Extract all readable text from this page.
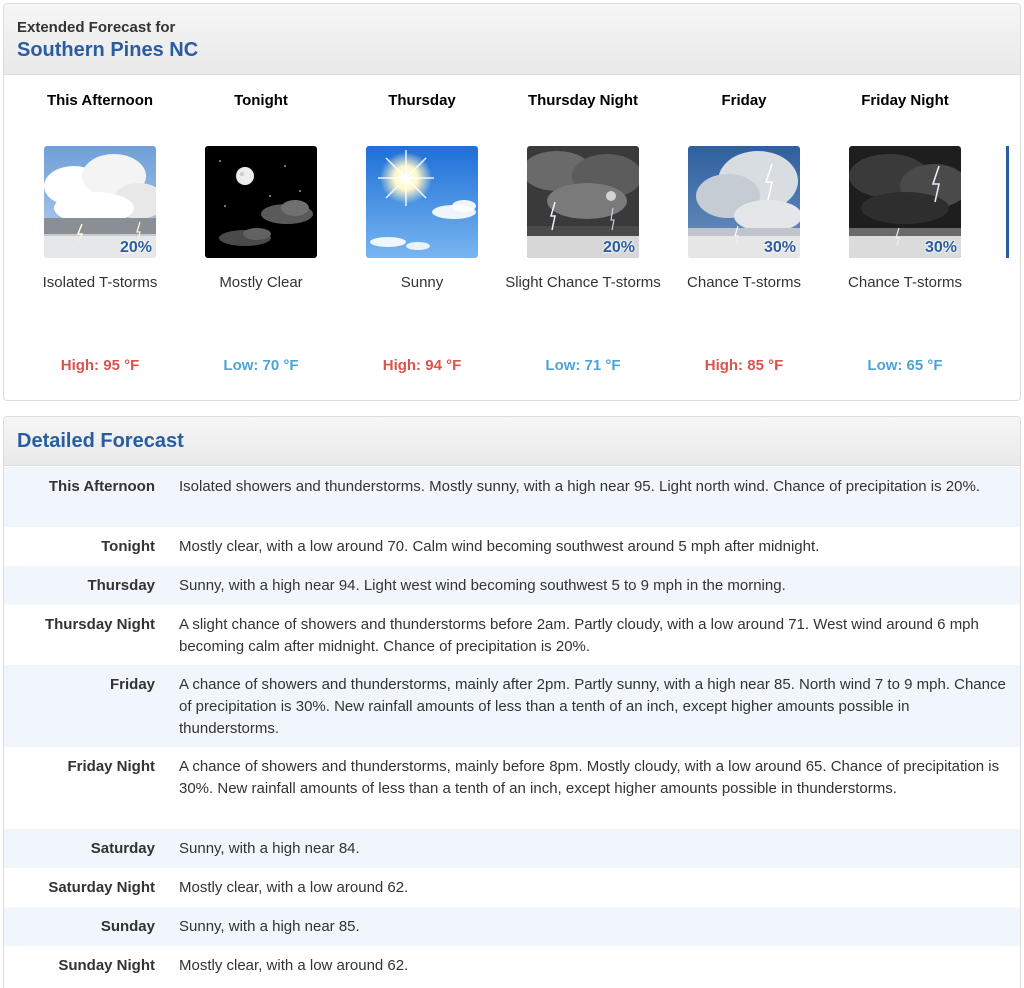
Extended Forecast for
Southern Pines NC
This Afternoon
20%
Isolated T-storms
High: 95 °F
Tonight
Mostly Clear
Low: 70 °F
Thursday
Sunny
High: 94 °F
Thursday Night
20%
Slight Chance T-storms
Low: 71 °F
Friday
30%
Chance T-storms
High: 85 °F
Friday Night
30%
Chance T-storms
Low: 65 °F
Detailed Forecast
This Afternoon Isolated showers and thunderstorms. Mostly sunny, with a high near 95. Light north wind. Chance of precipitation is 20%.
Tonight Mostly clear, with a low around 70. Calm wind becoming southwest around 5 mph after midnight.
Thursday Sunny, with a high near 94. Light west wind becoming southwest 5 to 9 mph in the morning.
Thursday Night A slight chance of showers and thunderstorms before 2am. Partly cloudy, with a low around 71. West wind around 6 mph becoming calm after midnight. Chance of precipitation is 20%.
Friday A chance of showers and thunderstorms, mainly after 2pm. Partly sunny, with a high near 85. North wind 7 to 9 mph. Chance of precipitation is 30%. New rainfall amounts of less than a tenth of an inch, except higher amounts possible in thunderstorms.
Friday Night A chance of showers and thunderstorms, mainly before 8pm. Mostly cloudy, with a low around 65. Chance of precipitation is 30%. New rainfall amounts of less than a tenth of an inch, except higher amounts possible in thunderstorms.
Saturday Sunny, with a high near 84.
Saturday Night Mostly clear, with a low around 62.
Sunday Sunny, with a high near 85.
Sunday Night Mostly clear, with a low around 62.
